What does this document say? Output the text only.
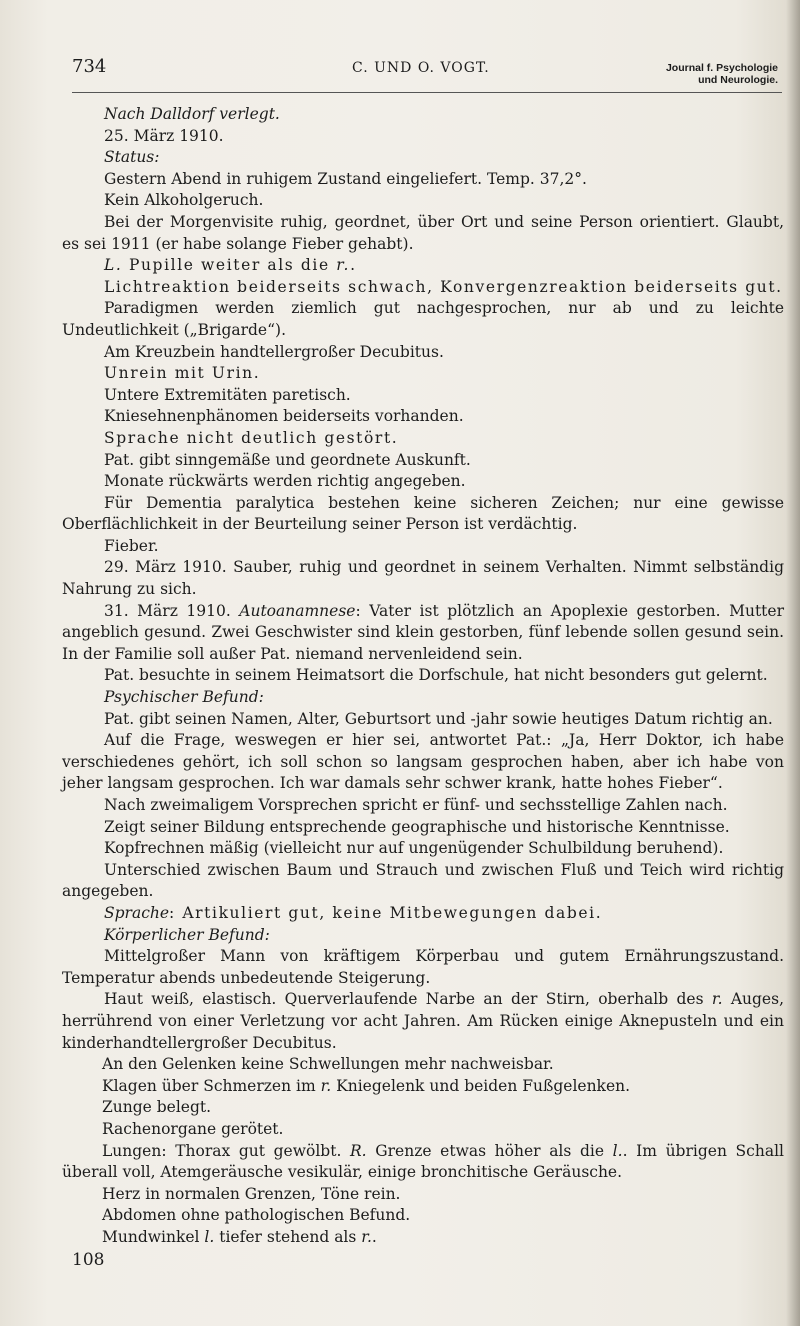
734	C. UND O. VOGT.	Journal f. Psychologie
und Neurologie.

Nach Dalldorf verlegt.

25. März 1910.

Status:

Gestern Abend in ruhigem Zustand eingeliefert. Temp. 37,2°.

Kein Alkoholgeruch.

Bei der Morgenvisite ruhig, geordnet, über Ort und seine Person orientiert. Glaubt, es sei 1911 (er habe solange Fieber gehabt).

L. Pupille weiter als die r..

Lichtreaktion beiderseits schwach, Konvergenzreaktion beiderseits gut.

Paradigmen werden ziemlich gut nachgesprochen, nur ab und zu leichte Undeutlichkeit („Brigarde“).

Am Kreuzbein handtellergroßer Decubitus.

Unrein mit Urin.

Untere Extremitäten paretisch.

Kniesehnenphänomen beiderseits vorhanden.

Sprache nicht deutlich gestört.

Pat. gibt sinngemäße und geordnete Auskunft.

Monate rückwärts werden richtig angegeben.

Für Dementia paralytica bestehen keine sicheren Zeichen; nur eine gewisse Oberflächlichkeit in der Beurteilung seiner Person ist verdächtig.

Fieber.

29. März 1910. Sauber, ruhig und geordnet in seinem Verhalten. Nimmt selbständig Nahrung zu sich.

31. März 1910. Autoanamnese: Vater ist plötzlich an Apoplexie gestorben. Mutter angeblich gesund. Zwei Geschwister sind klein gestorben, fünf lebende sollen gesund sein. In der Familie soll außer Pat. niemand nervenleidend sein.

Pat. besuchte in seinem Heimatsort die Dorfschule, hat nicht besonders gut gelernt.

Psychischer Befund:

Pat. gibt seinen Namen, Alter, Geburtsort und -jahr sowie heutiges Datum richtig an.

Auf die Frage, weswegen er hier sei, antwortet Pat.: „Ja, Herr Doktor, ich habe verschiedenes gehört, ich soll schon so langsam gesprochen haben, aber ich habe von jeher langsam gesprochen. Ich war damals sehr schwer krank, hatte hohes Fieber“.

Nach zweimaligem Vorsprechen spricht er fünf- und sechsstellige Zahlen nach.

Zeigt seiner Bildung entsprechende geographische und historische Kenntnisse.

Kopfrechnen mäßig (vielleicht nur auf ungenügender Schulbildung beruhend).

Unterschied zwischen Baum und Strauch und zwischen Fluß und Teich wird richtig angegeben.

Sprache: Artikuliert gut, keine Mitbewegungen dabei.

Körperlicher Befund:

Mittelgroßer Mann von kräftigem Körperbau und gutem Ernährungszustand. Temperatur abends unbedeutende Steigerung.

Haut weiß, elastisch. Querverlaufende Narbe an der Stirn, oberhalb des r. Auges, herrührend von einer Verletzung vor acht Jahren. Am Rücken einige Aknepusteln und ein kinderhandtellergroßer Decubitus.

An den Gelenken keine Schwellungen mehr nachweisbar.

Klagen über Schmerzen im r. Kniegelenk und beiden Fußgelenken.

Zunge belegt.

Rachenorgane gerötet.

Lungen: Thorax gut gewölbt. R. Grenze etwas höher als die l.. Im übrigen Schall überall voll, Atemgeräusche vesikulär, einige bronchitische Geräusche.

Herz in normalen Grenzen, Töne rein.

Abdomen ohne pathologischen Befund.

Mundwinkel l. tiefer stehend als r..

108
